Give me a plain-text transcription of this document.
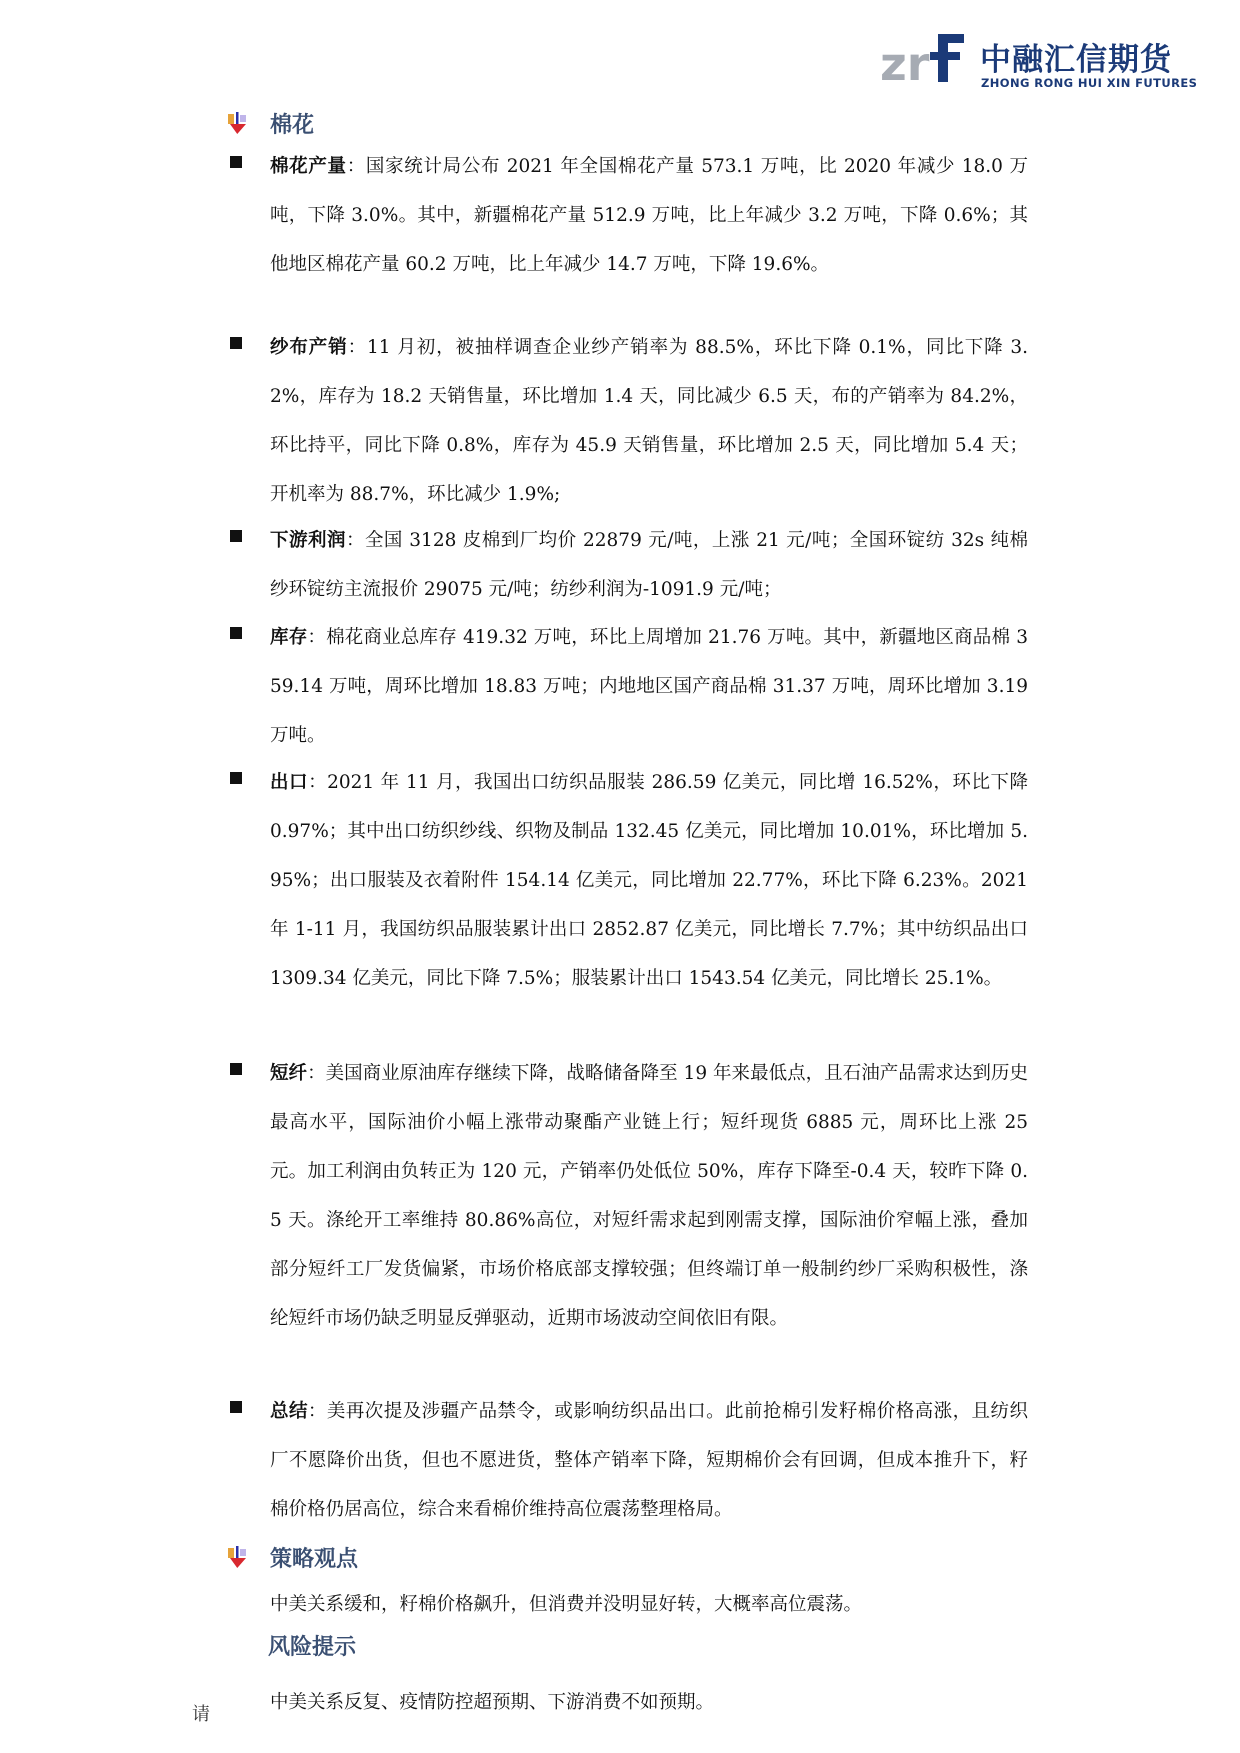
zr 中融汇信期货
ZHONG RONG HUI XIN FUTURES
棉花
棉花产量：国家统计局公布 2021 年全国棉花产量 573.1 万吨，比 2020 年减少 18.0 万吨，下降 3.0%。其中，新疆棉花产量 512.9 万吨，比上年减少 3.2 万吨，下降 0.6%；其他地区棉花产量 60.2 万吨，比上年减少 14.7 万吨，下降 19.6%。
纱布产销：11 月初，被抽样调查企业纱产销率为 88.5%，环比下降 0.1%，同比下降 3.2%，库存为 18.2 天销售量，环比增加 1.4 天，同比减少 6.5 天，布的产销率为 84.2%，环比持平，同比下降 0.8%，库存为 45.9 天销售量，环比增加 2.5 天，同比增加 5.4 天；开机率为 88.7%，环比减少 1.9%;
下游利润：全国 3128 皮棉到厂均价 22879 元/吨，上涨 21 元/吨；全国环锭纺 32s 纯棉纱环锭纺主流报价 29075 元/吨；纺纱利润为-1091.9 元/吨；
库存：棉花商业总库存 419.32 万吨，环比上周增加 21.76 万吨。其中，新疆地区商品棉 359.14 万吨，周环比增加 18.83 万吨；内地地区国产商品棉 31.37 万吨，周环比增加 3.19 万吨。
出口：2021 年 11 月，我国出口纺织品服装 286.59 亿美元，同比增 16.52%，环比下降 0.97%；其中出口纺织纱线、织物及制品 132.45 亿美元，同比增加 10.01%，环比增加 5.95%；出口服装及衣着附件 154.14 亿美元，同比增加 22.77%，环比下降 6.23%。2021 年 1-11 月，我国纺织品服装累计出口 2852.87 亿美元，同比增长 7.7%；其中纺织品出口 1309.34 亿美元，同比下降 7.5%；服装累计出口 1543.54 亿美元，同比增长 25.1%。
短纤：美国商业原油库存继续下降，战略储备降至 19 年来最低点，且石油产品需求达到历史最高水平，国际油价小幅上涨带动聚酯产业链上行；短纤现货 6885 元，周环比上涨 25 元。加工利润由负转正为 120 元，产销率仍处低位 50%，库存下降至-0.4 天，较昨下降 0.5 天。涤纶开工率维持 80.86%高位，对短纤需求起到刚需支撑，国际油价窄幅上涨，叠加部分短纤工厂发货偏紧，市场价格底部支撑较强；但终端订单一般制约纱厂采购积极性，涤纶短纤市场仍缺乏明显反弹驱动，近期市场波动空间依旧有限。
总结：美再次提及涉疆产品禁令，或影响纺织品出口。此前抢棉引发籽棉价格高涨，且纺织厂不愿降价出货，但也不愿进货，整体产销率下降，短期棉价会有回调，但成本推升下，籽棉价格仍居高位，综合来看棉价维持高位震荡整理格局。
策略观点
中美关系缓和，籽棉价格飙升，但消费并没明显好转，大概率高位震荡。
风险提示
中美关系反复、疫情防控超预期、下游消费不如预期。
请
